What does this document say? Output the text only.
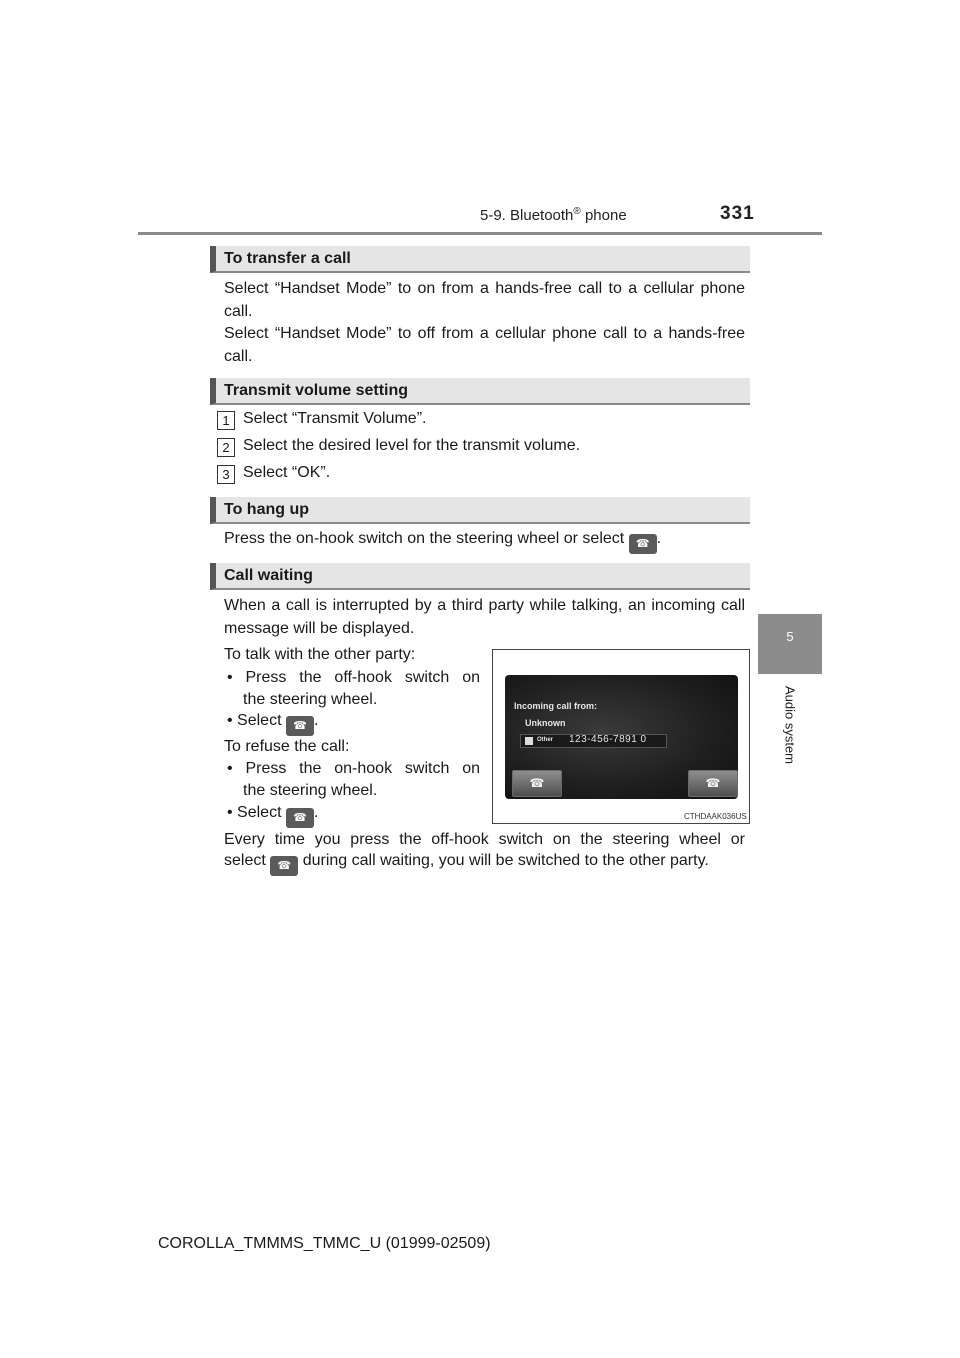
5-9. Bluetooth® phone	331
5
Audio system
To transfer a call

Select “Handset Mode” to on from a hands-free call to a cellular phone call.

Select “Handset Mode” to off from a cellular phone call to a hands-free call.

Transmit volume setting
1 Select “Transmit Volume”.
2 Select the desired level for the transmit volume.
3 Select “OK”.
To hang up
Press the on-hook switch on the steering wheel or select ☎ .
Call waiting
When a call is interrupted by a third party while talking, an incoming call message will be displayed.
To talk with the other party:
• Press the off-hook switch on
the steering wheel.
• Select ☎ .
To refuse the call:
• Press the on-hook switch on
the steering wheel.
• Select ☎ .
Every time you press the off-hook switch on the steering wheel or
select ☎ during call waiting, you will be switched to the other party.
Incoming call from:
Unknown
Other 123-456-7891 0
☎	☎
CTHDAAK036US
COROLLA_TMMMS_TMMC_U (01999-02509)
